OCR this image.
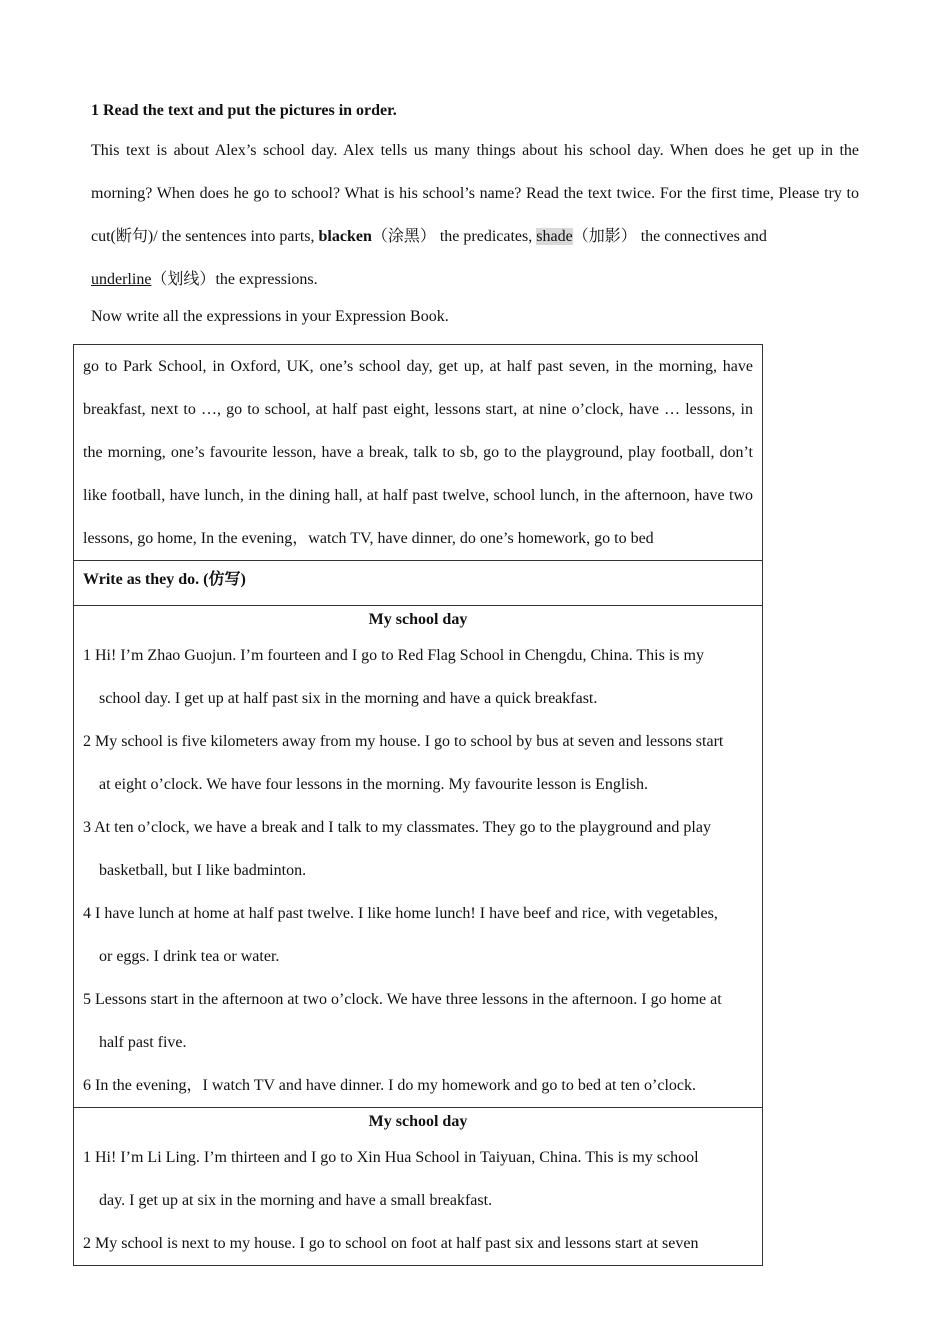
1 Read the text and put the pictures in order.
This text is about Alex’s school day. Alex tells us many things about his school day. When does he get up in the morning? When does he go to school? What is his school’s name? Read the text twice. For the first time, Please try to cut(断句)/ the sentences into parts, blacken（涂黑） the predicates, shade（加影） the connectives and
underline（划线）the expressions.
Now write all the expressions in your Expression Book.
go to Park School, in Oxford, UK, one’s school day, get up, at half past seven, in the morning, have breakfast, next to …, go to school, at half past eight, lessons start, at nine o’clock, have … lessons, in the morning, one’s favourite lesson, have a break, talk to sb, go to the playground, play football, don’t like football, have lunch, in the dining hall, at half past twelve, school lunch, in the afternoon, have two lessons, go home, In the evening，watch TV, have dinner, do one’s homework, go to bed

Write as they do. (仿写)

My school day
1 Hi! I’m Zhao Guojun. I’m fourteen and I go to Red Flag School in Chengdu, China. This is my
school day. I get up at half past six in the morning and have a quick breakfast.
2 My school is five kilometers away from my house. I go to school by bus at seven and lessons start
at eight o’clock. We have four lessons in the morning. My favourite lesson is English.
3 At ten o’clock, we have a break and I talk to my classmates. They go to the playground and play
basketball, but I like badminton.
4 I have lunch at home at half past twelve. I like home lunch! I have beef and rice, with vegetables,
or eggs. I drink tea or water.
5 Lessons start in the afternoon at two o’clock. We have three lessons in the afternoon. I go home at
half past five.
6 In the evening，I watch TV and have dinner. I do my homework and go to bed at ten o’clock.

My school day
1 Hi! I’m Li Ling. I’m thirteen and I go to Xin Hua School in Taiyuan, China. This is my school
day. I get up at six in the morning and have a small breakfast.
2 My school is next to my house. I go to school on foot at half past six and lessons start at seven
